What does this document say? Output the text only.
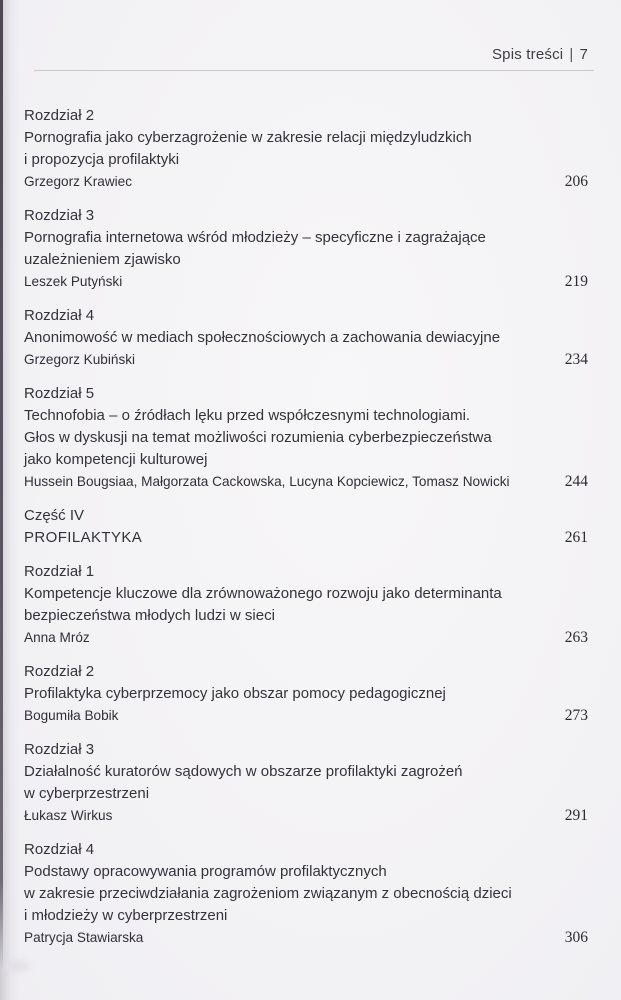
Spis treści | 7
Rozdział 2
Pornografia jako cyberzagrożenie w zakresie relacji międzyludzkich
i propozycja profilaktyki
Grzegorz Krawiec	206
Rozdział 3
Pornografia internetowa wśród młodzieży – specyficzne i zagrażające
uzależnieniem zjawisko
Leszek Putyński	219
Rozdział 4
Anonimowość w mediach społecznościowych a zachowania dewiacyjne
Grzegorz Kubiński	234
Rozdział 5
Technofobia – o źródłach lęku przed współczesnymi technologiami.
Głos w dyskusji na temat możliwości rozumienia cyberbezpieczeństwa
jako kompetencji kulturowej
Hussein Bougsiaa, Małgorzata Cackowska, Lucyna Kopciewicz, Tomasz Nowicki	244
Część IV
PROFILAKTYKA	261
Rozdział 1
Kompetencje kluczowe dla zrównoważonego rozwoju jako determinanta
bezpieczeństwa młodych ludzi w sieci
Anna Mróz	263
Rozdział 2
Profilaktyka cyberprzemocy jako obszar pomocy pedagogicznej
Bogumiła Bobik	273
Rozdział 3
Działalność kuratorów sądowych w obszarze profilaktyki zagrożeń
w cyberprzestrzeni
Łukasz Wirkus	291
Rozdział 4
Podstawy opracowywania programów profilaktycznych
w zakresie przeciwdziałania zagrożeniom związanym z obecnością dzieci
i młodzieży w cyberprzestrzeni
Patrycja Stawiarska	306
